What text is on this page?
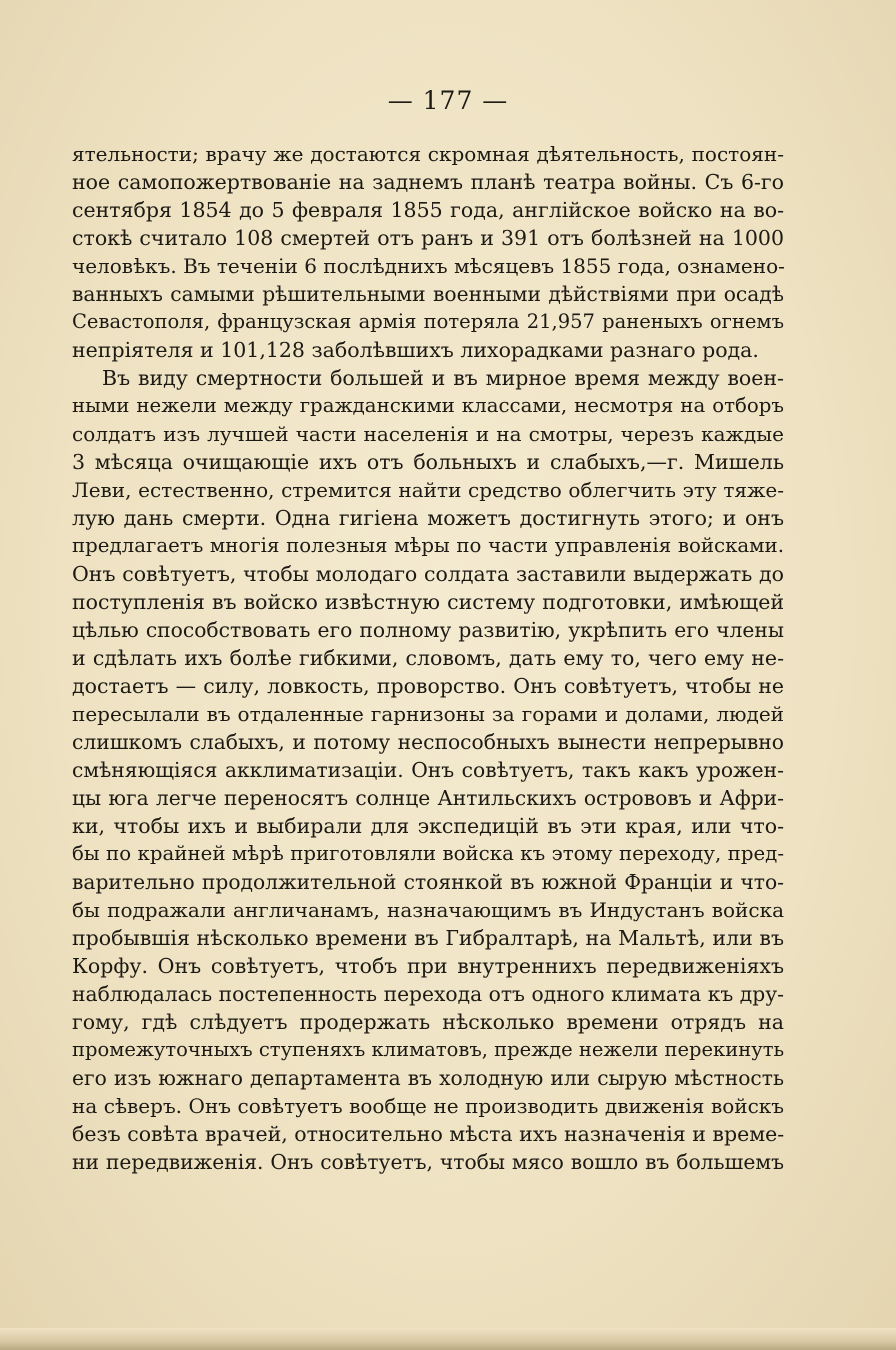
— 177 —
ятельности; врачу же достаются скромная дѣятельность, постоян-
ное самопожертвованіе на заднемъ планѣ театра войны. Съ 6-го
сентября 1854 до 5 февраля 1855 года, англійское войско на во-
стокѣ считало 108 смертей отъ ранъ и 391 отъ болѣзней на 1000
человѣкъ. Въ теченіи 6 послѣднихъ мѣсяцевъ 1855 года, ознамено-
ванныхъ самыми рѣшительными военными дѣйствіями при осадѣ
Севастополя, французская армія потеряла 21,957 раненыхъ огнемъ
непріятеля и 101,128 заболѣвшихъ лихорадками разнаго рода.
Въ виду смертности большей и въ мирное время между воен-
ными нежели между гражданскими классами, несмотря на отборъ
солдатъ изъ лучшей части населенія и на смотры, черезъ каждые
3 мѣсяца очищающіе ихъ отъ больныхъ и слабыхъ,—г. Мишель
Леви, естественно, стремится найти средство облегчить эту тяже-
лую дань смерти. Одна гигіена можетъ достигнуть этого; и онъ
предлагаетъ многія полезныя мѣры по части управленія войсками.
Онъ совѣтуетъ, чтобы молодаго солдата заставили выдержать до
поступленія въ войско извѣстную систему подготовки, имѣющей
цѣлью способствовать его полному развитію, укрѣпить его члены
и сдѣлать ихъ болѣе гибкими, словомъ, дать ему то, чего ему не-
достаетъ — силу, ловкость, проворство. Онъ совѣтуетъ, чтобы не
пересылали въ отдаленные гарнизоны за горами и долами, людей
слишкомъ слабыхъ, и потому неспособныхъ вынести непрерывно
смѣняющіяся акклиматизаціи. Онъ совѣтуетъ, такъ какъ урожен-
цы юга легче переносятъ солнце Антильскихъ острововъ и Афри-
ки, чтобы ихъ и выбирали для экспедицій въ эти края, или что-
бы по крайней мѣрѣ приготовляли войска къ этому переходу, пред-
варительно продолжительной стоянкой въ южной Франціи и что-
бы подражали англичанамъ, назначающимъ въ Индустанъ войска
пробывшія нѣсколько времени въ Гибралтарѣ, на Мальтѣ, или въ
Корфу. Онъ совѣтуетъ, чтобъ при внутреннихъ передвиженіяхъ
наблюдалась постепенность перехода отъ одного климата къ дру-
гому, гдѣ слѣдуетъ продержать нѣсколько времени отрядъ на
промежуточныхъ ступеняхъ климатовъ, прежде нежели перекинуть
его изъ южнаго департамента въ холодную или сырую мѣстность
на сѣверъ. Онъ совѣтуетъ вообще не производить движенія войскъ
безъ совѣта врачей, относительно мѣста ихъ назначенія и време-
ни передвиженія. Онъ совѣтуетъ, чтобы мясо вошло въ большемъ
